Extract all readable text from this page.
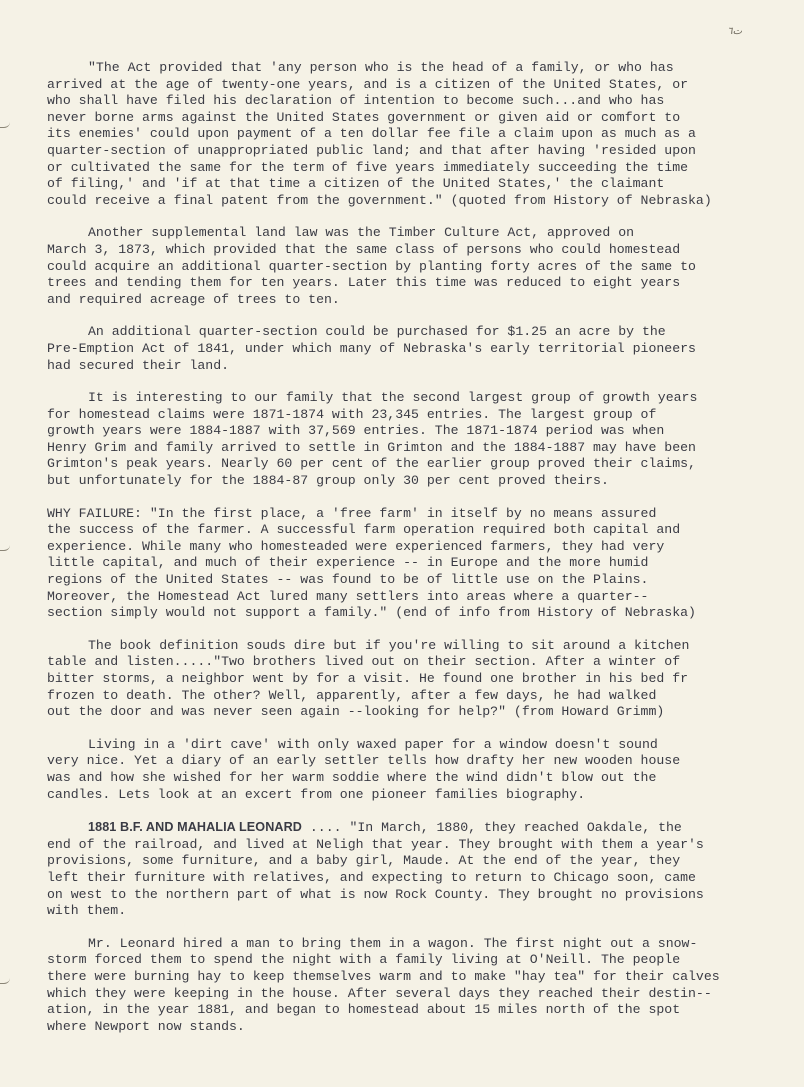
ت٦
"The Act provided that 'any person who is the head of a family, or who has
arrived at the age of twenty-one years, and is a citizen of the United States, or
who shall have filed his declaration of intention to become such...and who has
never borne arms against the United States government or given aid or comfort to
its enemies' could upon payment of a ten dollar fee file a claim upon as much as a
quarter-section of unappropriated public land; and that after having 'resided upon
or cultivated the same for the term of five years immediately succeeding the time
of filing,' and 'if at that time a citizen of the United States,' the claimant
could receive a final patent from the government." (quoted from History of Nebraska)
Another supplemental land law was the Timber Culture Act, approved on
March 3, 1873, which provided that the same class of persons who could homestead
could acquire an additional quarter-section by planting forty acres of the same to
trees and tending them for ten years. Later this time was reduced to eight years
and required acreage of trees to ten.
An additional quarter-section could be purchased for $1.25 an acre by the
Pre-Emption Act of 1841, under which many of Nebraska's early territorial pioneers
had secured their land.
It is interesting to our family that the second largest group of growth years
for homestead claims were 1871-1874 with 23,345 entries. The largest group of
growth years were 1884-1887 with 37,569 entries. The 1871-1874 period was when
Henry Grim and family arrived to settle in Grimton and the 1884-1887 may have been
Grimton's peak years. Nearly 60 per cent of the earlier group proved their claims,
but unfortunately for the 1884-87 group only 30 per cent proved theirs.
WHY FAILURE: "In the first place, a 'free farm' in itself by no means assured
the success of the farmer. A successful farm operation required both capital and
experience. While many who homesteaded were experienced farmers, they had very
little capital, and much of their experience -- in Europe and the more humid
regions of the United States -- was found to be of little use on the Plains.
Moreover, the Homestead Act lured many settlers into areas where a quarter--
section simply would not support a family." (end of info from History of Nebraska)
The book definition souds dire but if you're willing to sit around a kitchen
table and listen....."Two brothers lived out on their section. After a winter of
bitter storms, a neighbor went by for a visit. He found one brother in his bed fr
frozen to death. The other? Well, apparently, after a few days, he had walked
out the door and was never seen again --looking for help?" (from Howard Grimm)
Living in a 'dirt cave' with only waxed paper for a window doesn't sound
very nice. Yet a diary of an early settler tells how drafty her new wooden house
was and how she wished for her warm soddie where the wind didn't blow out the
candles. Lets look at an excert from one pioneer families biography.
1881 B.F. AND MAHALIA LEONARD .... "In March, 1880, they reached Oakdale, the
end of the railroad, and lived at Neligh that year. They brought with them a year's
provisions, some furniture, and a baby girl, Maude. At the end of the year, they
left their furniture with relatives, and expecting to return to Chicago soon, came
on west to the northern part of what is now Rock County. They brought no provisions
with them.
Mr. Leonard hired a man to bring them in a wagon. The first night out a snow-
storm forced them to spend the night with a family living at O'Neill. The people
there were burning hay to keep themselves warm and to make "hay tea" for their calves
which they were keeping in the house. After several days they reached their destin--
ation, in the year 1881, and began to homestead about 15 miles north of the spot
where Newport now stands.
